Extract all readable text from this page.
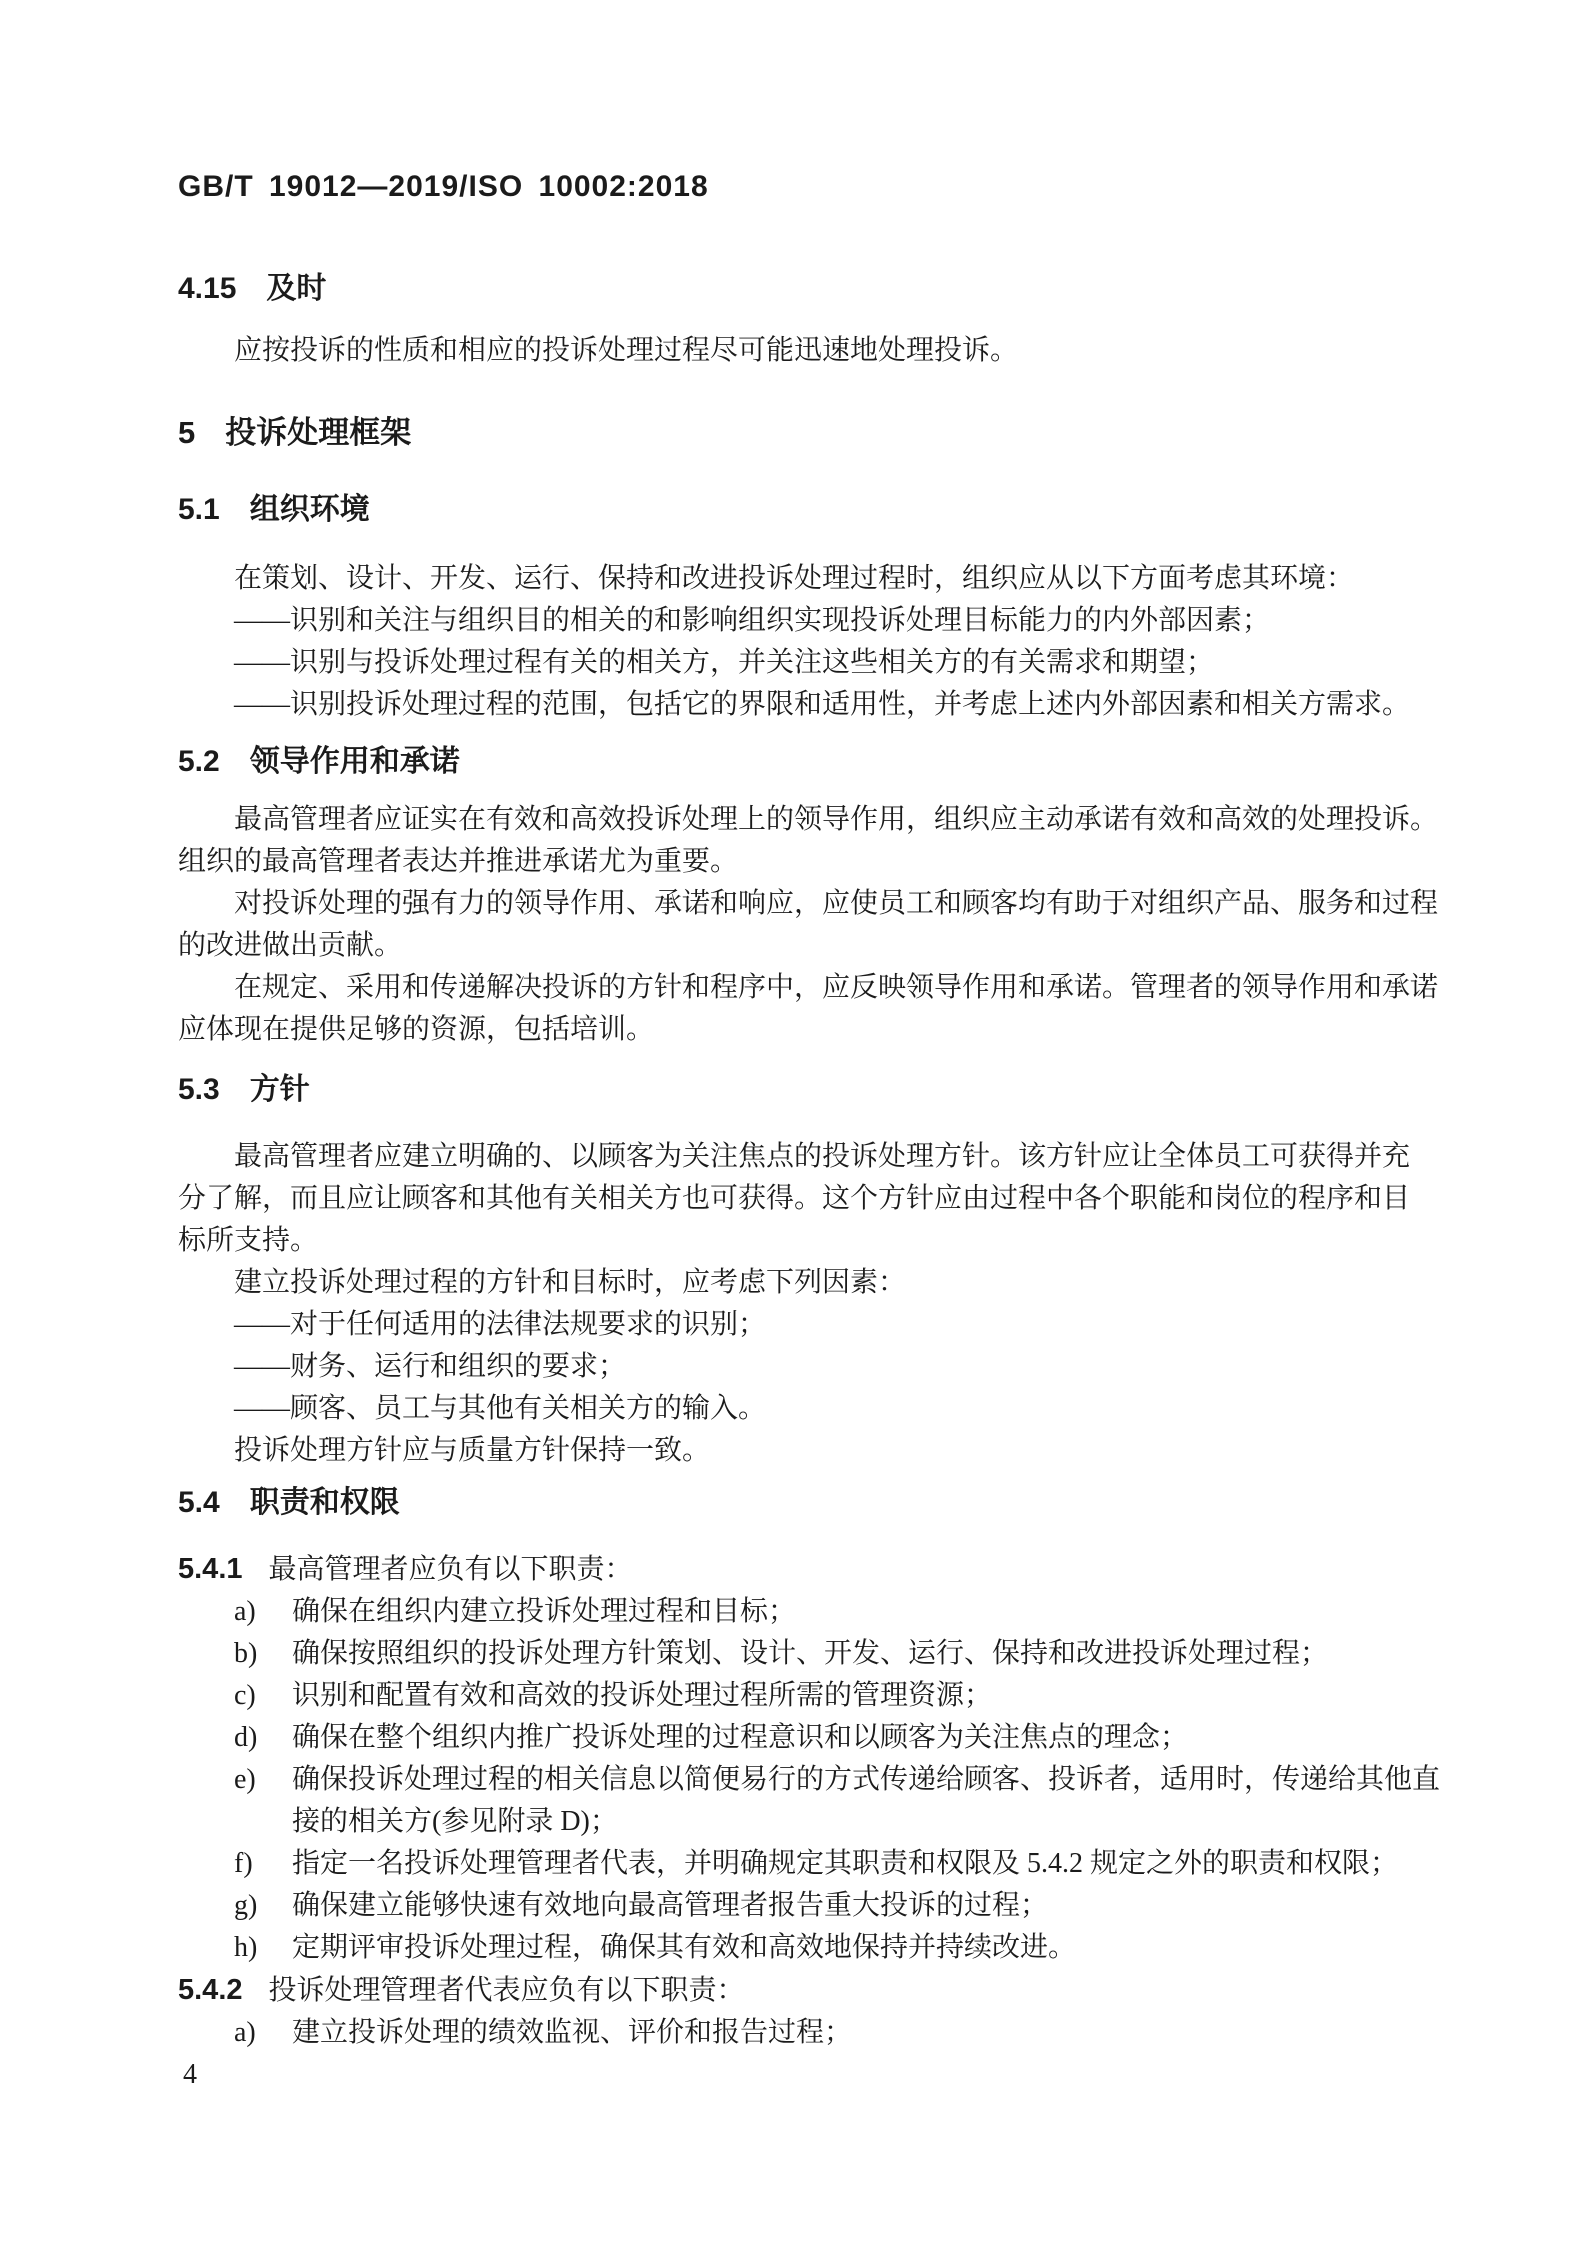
GB/T 19012—2019/ISO 10002:2018
4.15 及时
应按投诉的性质和相应的投诉处理过程尽可能迅速地处理投诉。
5 投诉处理框架
5.1 组织环境
在策划、设计、开发、运行、保持和改进投诉处理过程时，组织应从以下方面考虑其环境：
——识别和关注与组织目的相关的和影响组织实现投诉处理目标能力的内外部因素；
——识别与投诉处理过程有关的相关方，并关注这些相关方的有关需求和期望；
——识别投诉处理过程的范围，包括它的界限和适用性，并考虑上述内外部因素和相关方需求。
5.2 领导作用和承诺
最高管理者应证实在有效和高效投诉处理上的领导作用，组织应主动承诺有效和高效的处理投诉。
组织的最高管理者表达并推进承诺尤为重要。
对投诉处理的强有力的领导作用、承诺和响应，应使员工和顾客均有助于对组织产品、服务和过程
的改进做出贡献。
在规定、采用和传递解决投诉的方针和程序中，应反映领导作用和承诺。管理者的领导作用和承诺
应体现在提供足够的资源，包括培训。
5.3 方针
最高管理者应建立明确的、以顾客为关注焦点的投诉处理方针。该方针应让全体员工可获得并充
分了解，而且应让顾客和其他有关相关方也可获得。这个方针应由过程中各个职能和岗位的程序和目
标所支持。
建立投诉处理过程的方针和目标时，应考虑下列因素：
——对于任何适用的法律法规要求的识别；
——财务、运行和组织的要求；
——顾客、员工与其他有关相关方的输入。
投诉处理方针应与质量方针保持一致。
5.4 职责和权限
5.4.1 最高管理者应负有以下职责：
a) 确保在组织内建立投诉处理过程和目标；
b) 确保按照组织的投诉处理方针策划、设计、开发、运行、保持和改进投诉处理过程；
c) 识别和配置有效和高效的投诉处理过程所需的管理资源；
d) 确保在整个组织内推广投诉处理的过程意识和以顾客为关注焦点的理念；
e) 确保投诉处理过程的相关信息以简便易行的方式传递给顾客、投诉者，适用时，传递给其他直
接的相关方(参见附录 D)；
f) 指定一名投诉处理管理者代表，并明确规定其职责和权限及 5.4.2 规定之外的职责和权限；
g) 确保建立能够快速有效地向最高管理者报告重大投诉的过程；
h) 定期评审投诉处理过程，确保其有效和高效地保持并持续改进。
5.4.2 投诉处理管理者代表应负有以下职责：
a) 建立投诉处理的绩效监视、评价和报告过程；
4
